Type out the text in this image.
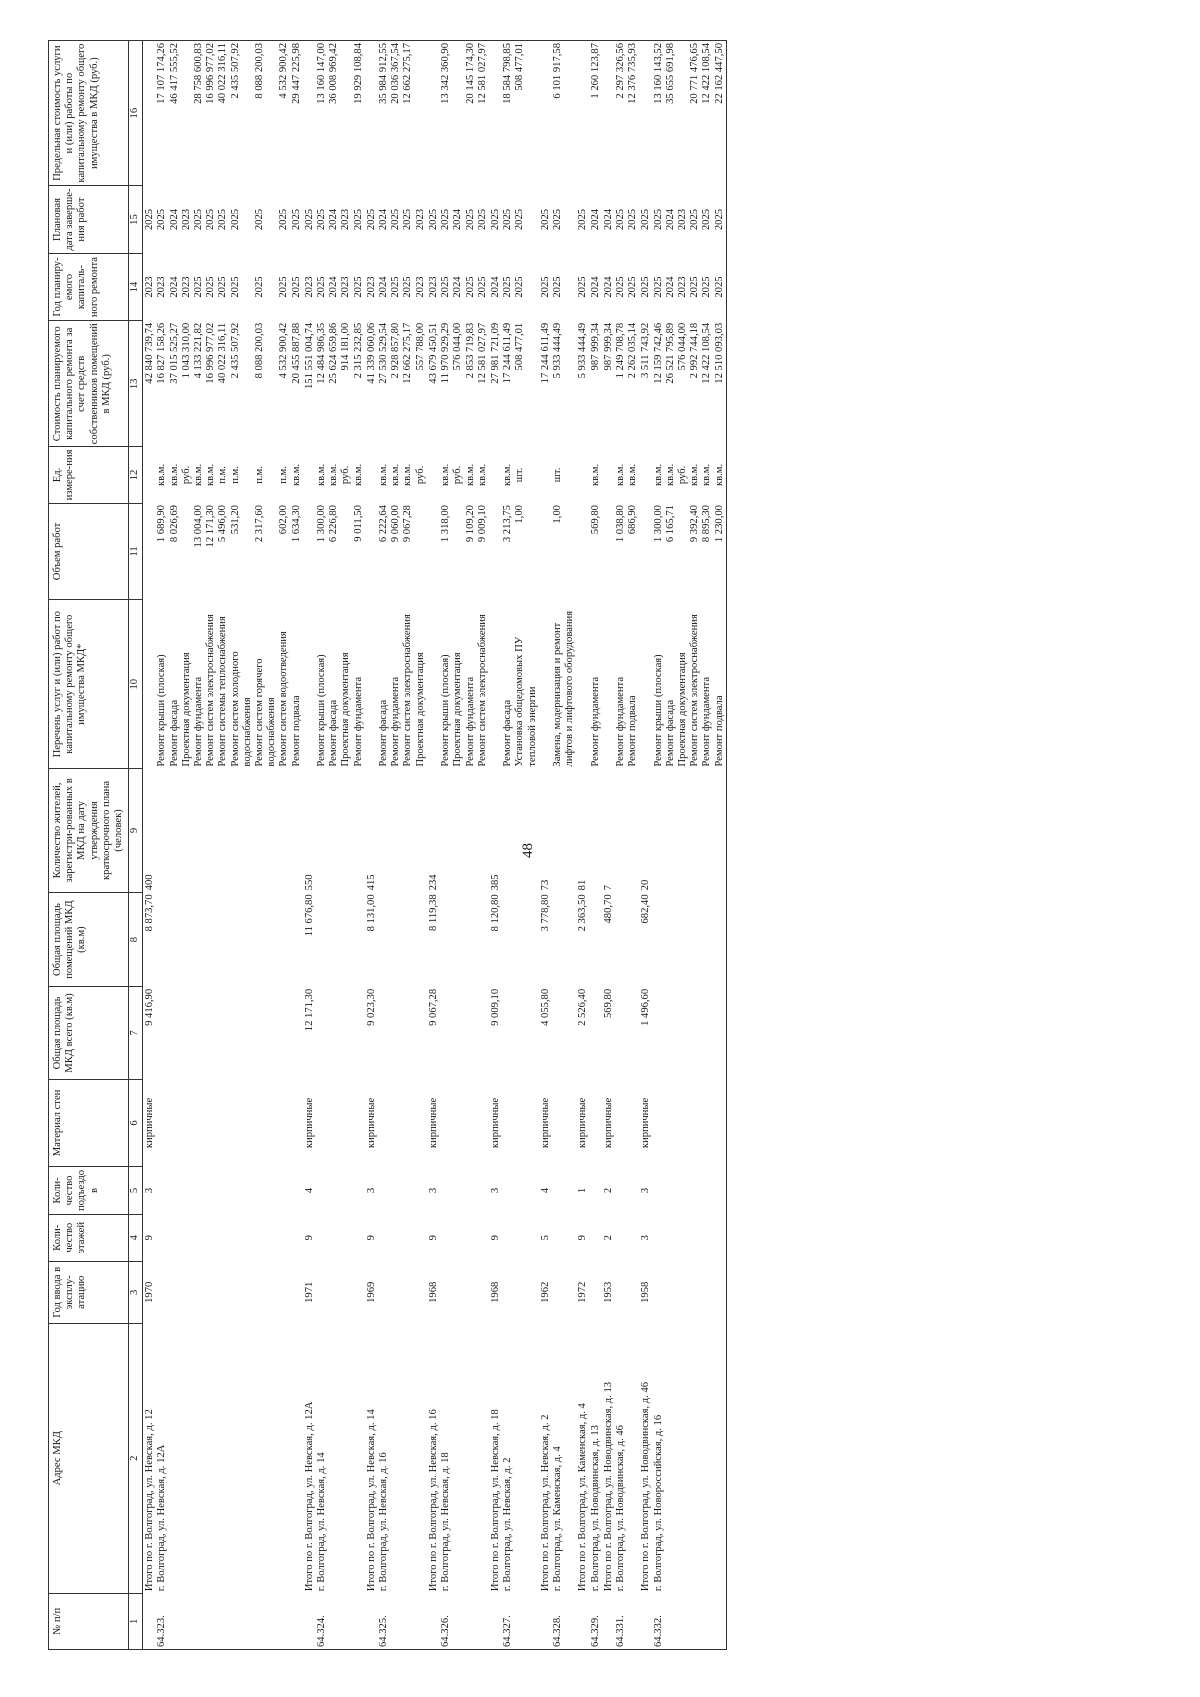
48
№ п/п	Адрес МКД	Год ввода в эксплу-атацию	Коли-чество этажей	Коли-чество подъездо в	Материал стен	Общая площадь МКД всего (кв.м)	Общая площадь помещений МКД (кв.м)	Количество жителей, зарегистри-рованных в МКД на дату утверждения краткосрочного плана (человек)	Перечень услуг и (или) работ по капитальному ремонту общего имущества МКД*	Объем работ	Ед. измере-ния	Стоимость планируемого капитального ремонта за счет средств собственников помещений в МКД (руб.)	Год планиру-емого капиталь-ного ремонта	Плановая дата заверше-ния работ	Предельная стоимость услуги и (или) работы по капитальному ремонту общего имущества в МКД (руб.)
1	2	3	4	5	6	7	8	9	10	11	12	13	14	15	16
	Итого по г. Волгоград, ул. Невская, д. 12	1970	9	3	кирпичные	9 416,90	8 873,70	400				42 840 739,74	2023	2025	
64.323.	г. Волгоград, ул. Невская, д. 12А								Ремонт крыши (плоская)	1 689,90	кв.м.	16 827 158,26	2023	2025	17 107 174,26
									Ремонт фасада	8 026,69	кв.м.	37 015 525,27	2024	2024	46 417 555,52
									Проектная документация		руб.	1 043 310,00	2023	2023	
									Ремонт фундамента	13 004,00	кв.м.	4 133 221,82	2025	2025	28 758 600,83
									Ремонт систем электроснабжения	12 171,30	кв.м.	16 996 977,02	2025	2025	16 996 977,02
									Ремонт системы теплоснабжения	5 496,00	п.м.	40 022 316,11	2025	2025	40 022 316,11
									Ремонт систем холодного водоснабжения	531,20	п.м.	2 435 507,92	2025	2025	2 435 507,92
									Ремонт систем горячего водоснабжения	2 317,60	п.м.	8 088 200,03	2025	2025	8 088 200,03
									Ремонт систем водоотведения	602,00	п.м.	4 532 900,42	2025	2025	4 532 900,42
									Ремонт подвала	1 634,30	кв.м.	20 455 887,88	2025	2025	29 447 225,98
	Итого по г. Волгоград, ул. Невская, д. 12А	1971	9	4	кирпичные	12 171,30	11 676,80	550				151 551 004,74	2023	2025	
64.324.	г. Волгоград, ул. Невская, д. 14								Ремонт крыши (плоская)	1 300,00	кв.м.	12 484 986,35	2025	2025	13 160 147,00
									Ремонт фасада	6 226,80	кв.м.	25 624 659,86	2024	2024	36 008 969,42
									Проектная документация		руб.	914 181,00	2023	2023	
									Ремонт фундамента	9 011,50	кв.м.	2 315 232,85	2025	2025	19 929 108,84
	Итого по г. Волгоград, ул. Невская, д. 14	1969	9	3	кирпичные	9 023,30	8 131,00	415				41 339 060,06	2023	2025	
64.325.	г. Волгоград, ул. Невская, д. 16								Ремонт фасада	6 222,64	кв.м.	27 530 529,54	2024	2024	35 984 912,55
									Ремонт фундамента	9 060,00	кв.м.	2 928 857,80	2025	2025	20 036 367,54
									Ремонт систем электроснабжения	9 067,28	кв.м.	12 662 275,17	2025	2025	12 662 275,17
									Проектная документация		руб.	557 788,00	2023	2023	
	Итого по г. Волгоград, ул. Невская, д. 16	1968	9	3	кирпичные	9 067,28	8 119,38	234				43 679 450,51	2023	2025	
64.326.	г. Волгоград, ул. Невская, д. 18								Ремонт крыши (плоская)	1 318,00	кв.м.	11 970 929,29	2025	2025	13 342 360,90
									Проектная документация		руб.	576 044,00	2024	2024	
									Ремонт фундамента	9 109,20	кв.м.	2 853 719,83	2025	2025	20 145 174,30
									Ремонт систем электроснабжения	9 009,10	кв.м.	12 581 027,97	2025	2025	12 581 027,97
	Итого по г. Волгоград, ул. Невская, д. 18	1968	9	3	кирпичные	9 009,10	8 120,80	385				27 981 721,09	2024	2025	
64.327.	г. Волгоград, ул. Невская, д. 2								Ремонт фасада	3 213,75	кв.м.	17 244 611,49	2025	2025	18 584 798,85
									Установка общедомовых ПУ тепловой энергии	1,00	шт.	508 477,01	2025	2025	508 477,01
	Итого по г. Волгоград, ул. Невская, д. 2	1962	5	4	кирпичные	4 055,80	3 778,80	73				17 244 611,49	2025	2025	
64.328.	г. Волгоград, ул. Каменская, д. 4								Замена, модернизация и ремонт лифтов и лифтового оборудования	1,00	шт.	5 933 444,49	2025	2025	6 101 917,58
	Итого по г. Волгоград, ул. Каменская, д. 4	1972	9	1	кирпичные	2 526,40	2 363,50	81				5 933 444,49	2025	2025	
64.329.	г. Волгоград, ул. Новодвинская, д. 13								Ремонт фундамента	569,80	кв.м.	987 999,34	2024	2024	1 260 123,87
	Итого по г. Волгоград, ул. Новодвинская, д. 13	1953	2	2	кирпичные	569,80	480,70	7				987 999,34	2024	2024	
64.331.	г. Волгоград, ул. Новодвинская, д. 46								Ремонт фундамента	1 038,80	кв.м.	1 249 708,78	2025	2025	2 297 326,56
									Ремонт подвала	686,90	кв.м.	2 262 035,14	2025	2025	12 376 735,93
	Итого по г. Волгоград, ул. Новодвинская, д. 46	1958	3	3	кирпичные	1 496,60	682,40	20				3 511 743,92	2025	2025	
64.332.	г. Волгоград, ул. Новороссийская, д. 16								Ремонт крыши (плоская)	1 300,00	кв.м.	12 159 742,46	2025	2025	13 160 143,52
									Ремонт фасада	6 165,71	кв.м.	26 521 795,89	2024	2024	35 655 691,98
									Проектная документация		руб.	576 044,00	2023	2023	
									Ремонт систем электроснабжения	9 392,40	кв.м.	2 992 744,18	2025	2025	20 771 476,65
									Ремонт фундамента	8 895,30	кв.м.	12 422 108,54	2025	2025	12 422 108,54
									Ремонт подвала	1 230,00	кв.м.	12 510 093,03	2025	2025	22 162 447,50
